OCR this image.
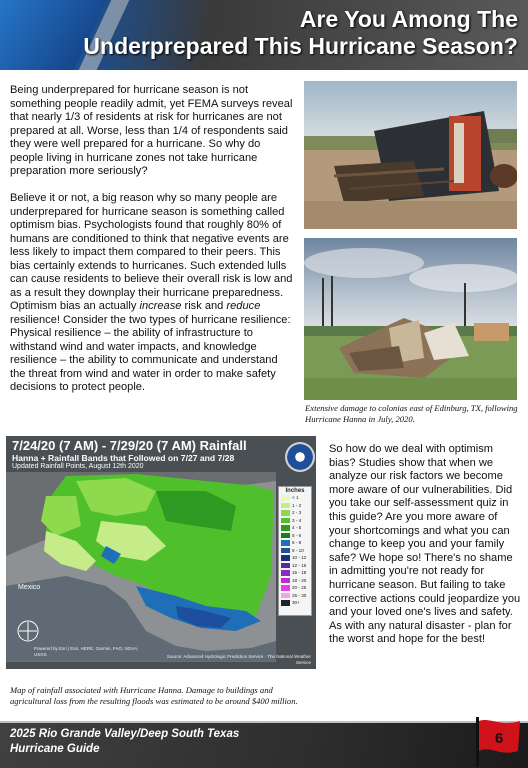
Are You Among The
Underprepared This Hurricane Season?

Being underprepared for hurricane season is not something people readily admit, yet FEMA surveys reveal that nearly 1/3 of residents at risk for hurricanes are not prepared at all. Worse, less than 1/4 of respondents said they were well prepared for a hurricane. So why do people living in hurricane zones not take hurricane preparation more seriously?

Believe it or not, a big reason why so many people are underprepared for hurricane season is something called optimism bias. Psychologists found that roughly 80% of humans are conditioned to think that negative events are less likely to impact them compared to their peers. This bias certainly extends to hurricanes. Such extended lulls can cause residents to believe their overall risk is low and as a result they downplay their hurricane preparedness. Optimism bias an actually increase risk and reduce resilience! Consider the two types of hurricane resilience: Physical resilience – the ability of infrastructure to withstand wind and water impacts, and knowledge resilience – the ability to communicate and understand the threat from wind and water in order to make safety decisions to protect people.

Extensive damage to colonias east of Edinburg, TX, following Hurricane Hanna in July, 2020.
7/24/20 (7 AM) - 7/29/20 (7 AM) Rainfall
Hanna + Rainfall Bands that Followed on 7/27 and 7/28
Updated Rainfall Points, August 12th 2020
Inches
< 1
1 - 2
2 - 3
3 - 4
4 - 5
5 - 6
6 - 8
8 - 10
10 - 12
12 - 15
15 - 18
18 - 20
20 - 25
25 - 30
30+
Mexico
Powered by Esri | Esri, HERE, Garmin, FAO, NOAA, USGS	Source: Advanced Hydrologic Prediction Service · The National Weather Service
Map of rainfall associated with Hurricane Hanna. Damage to buildings and agricultural loss from the resulting floods was estimated to be around $400 million.
So how do we deal with optimism bias? Studies show that when we analyze our risk factors we become more aware of our vulnerabilities. Did you take our self-assessment quiz in this guide? Are you more aware of your shortcomings and what you can change to keep you and your family safe? We hope so! There's no shame in admitting you're not ready for hurricane season. But failing to take corrective actions could jeopardize you and your loved one's lives and safety. As with any natural disaster - plan for the worst and hope for the best!
2025 Rio Grande Valley/Deep South Texas
Hurricane Guide
6
